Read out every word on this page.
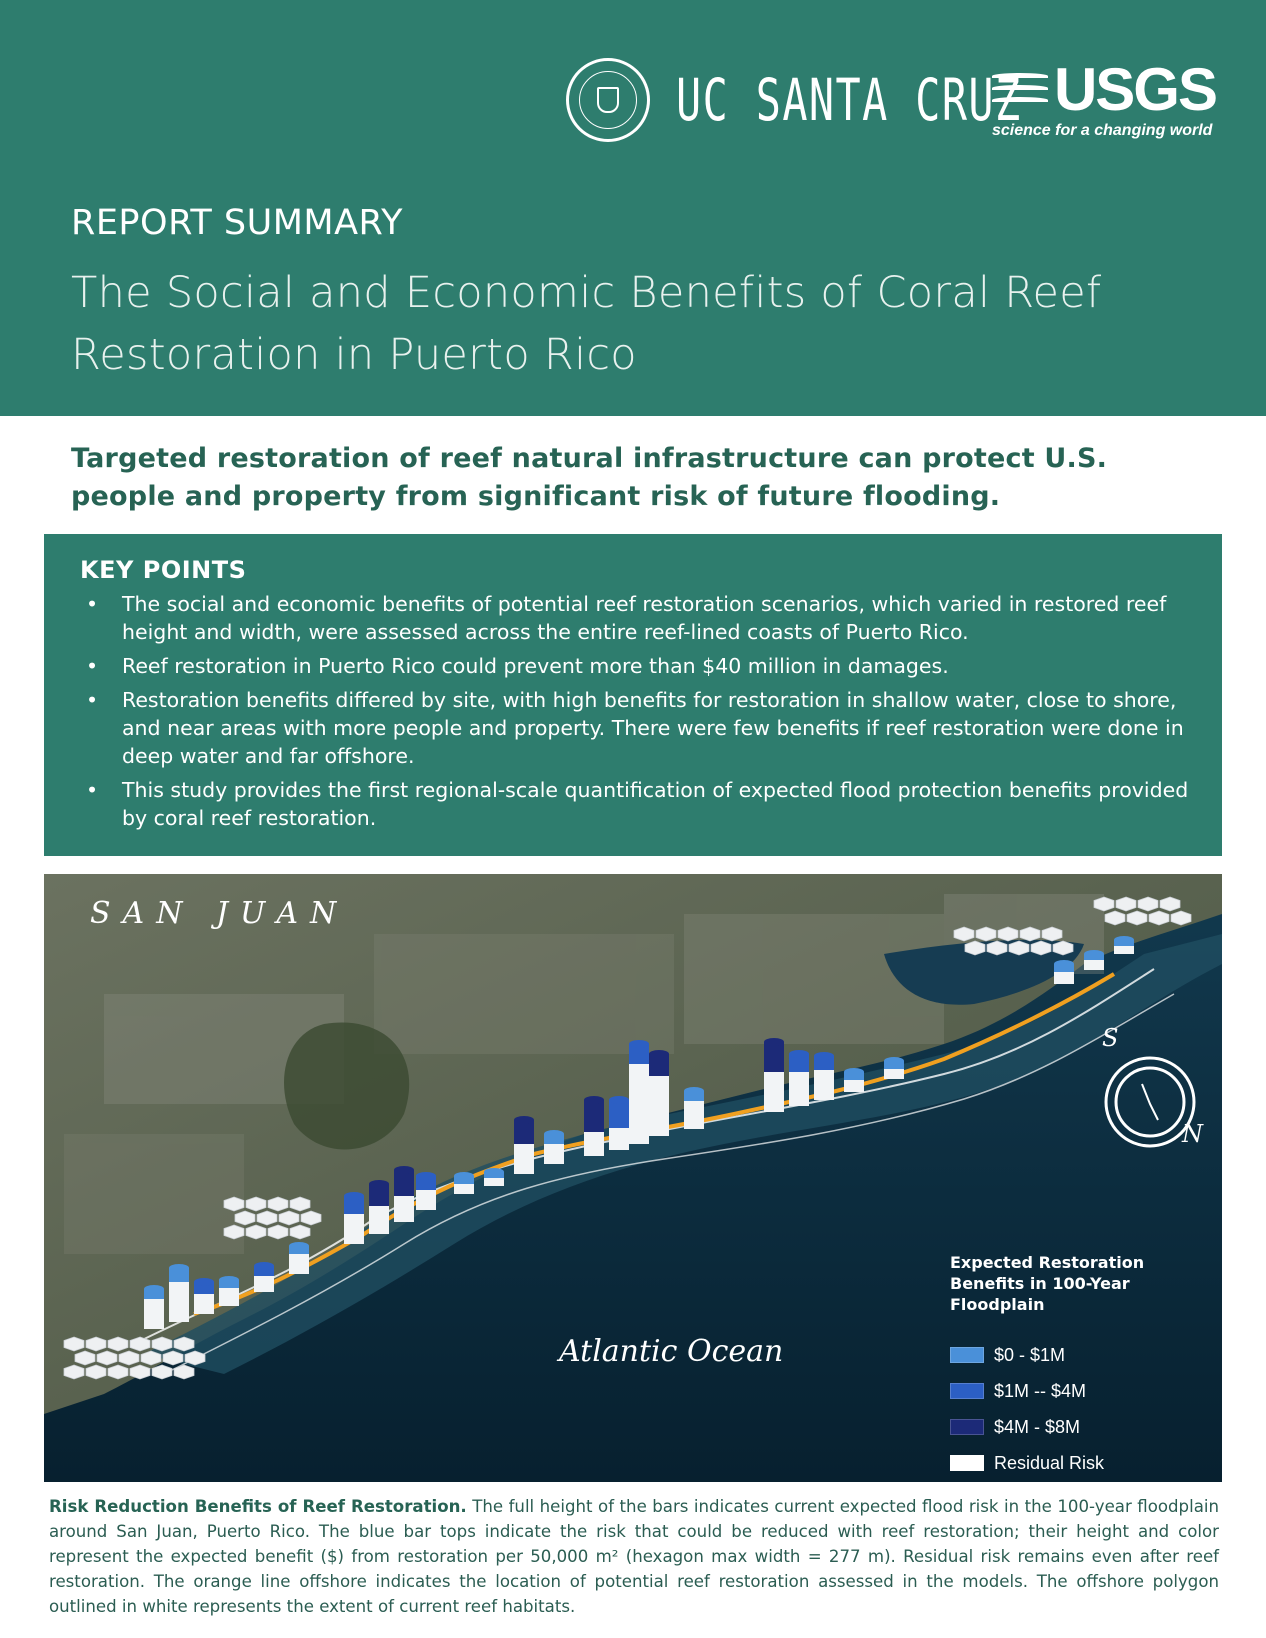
UC SANTA CRUZ USGS
science for a changing world
REPORT SUMMARY
The Social and Economic Benefits of Coral Reef Restoration in Puerto Rico
Targeted restoration of reef natural infrastructure can protect U.S. people and property from significant risk of future flooding.
KEY POINTS
• The social and economic benefits of potential reef restoration scenarios, which varied in restored reef height and width, were assessed across the entire reef-lined coasts of Puerto Rico.
• Reef restoration in Puerto Rico could prevent more than $40 million in damages.
• Restoration benefits differed by site, with high benefits for restoration in shallow water, close to shore, and near areas with more people and property. There were few benefits if reef restoration were done in deep water and far offshore.
• This study provides the first regional-scale quantification of expected flood protection benefits provided by coral reef restoration.
SAN JUAN
Atlantic Ocean
S
N
Expected Restoration Benefits in 100-Year Floodplain
$0 - $1M
$1M -- $4M
$4M - $8M
Residual Risk
Risk Reduction Benefits of Reef Restoration. The full height of the bars indicates current expected flood risk in the 100-year floodplain around San Juan, Puerto Rico. The blue bar tops indicate the risk that could be reduced with reef restoration; their height and color represent the expected benefit ($) from restoration per 50,000 m² (hexagon max width = 277 m). Residual risk remains even after reef restoration. The orange line offshore indicates the location of potential reef restoration assessed in the models. The offshore polygon outlined in white represents the extent of current reef habitats.
